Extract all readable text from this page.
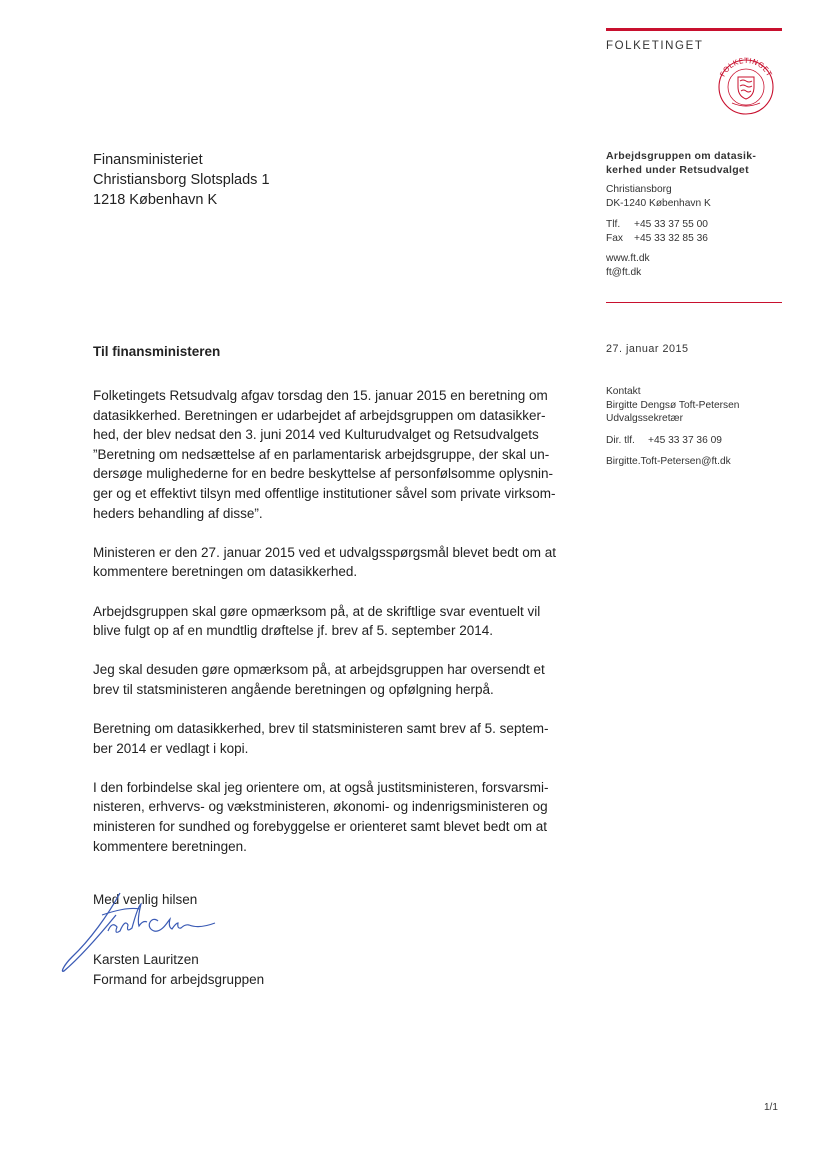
FOLKETINGET
FOLKETINGET
Finansministeriet
Christiansborg Slotsplads 1
1218 København K
Arbejdsgruppen om datasik-
kerhed under Retsudvalget
Christiansborg
DK-1240 København K
Tlf. +45 33 37 55 00
Fax +45 33 32 85 36
www.ft.dk
ft@ft.dk
27. januar 2015
Kontakt
Birgitte Dengsø Toft-Petersen
Udvalgssekretær
Dir. tlf. +45 33 37 36 09
Birgitte.Toft-Petersen@ft.dk
Til finansministeren

Folketingets Retsudvalg afgav torsdag den 15. januar 2015 en beretning om
datasikkerhed. Beretningen er udarbejdet af arbejdsgruppen om datasikker-
hed, der blev nedsat den 3. juni 2014 ved Kulturudvalget og Retsudvalgets
”Beretning om nedsættelse af en parlamentarisk arbejdsgruppe, der skal un-
dersøge mulighederne for en bedre beskyttelse af personfølsomme oplysnin-
ger og et effektivt tilsyn med offentlige institutioner såvel som private virksom-
heders behandling af disse”.

Ministeren er den 27. januar 2015 ved et udvalgsspørgsmål blevet bedt om at
kommentere beretningen om datasikkerhed.

Arbejdsgruppen skal gøre opmærksom på, at de skriftlige svar eventuelt vil
blive fulgt op af en mundtlig drøftelse jf. brev af 5. september 2014.

Jeg skal desuden gøre opmærksom på, at arbejdsgruppen har oversendt et
brev til statsministeren angående beretningen og opfølgning herpå.

Beretning om datasikkerhed, brev til statsministeren samt brev af 5. septem-
ber 2014 er vedlagt i kopi.

I den forbindelse skal jeg orientere om, at også justitsministeren, forsvarsmi-
nisteren, erhvervs- og vækstministeren, økonomi- og indenrigsministeren og
ministeren for sundhed og forebyggelse er orienteret samt blevet bedt om at
kommentere beretningen.

Med venlig hilsen
Karsten Lauritzen
Formand for arbejdsgruppen
1/1
